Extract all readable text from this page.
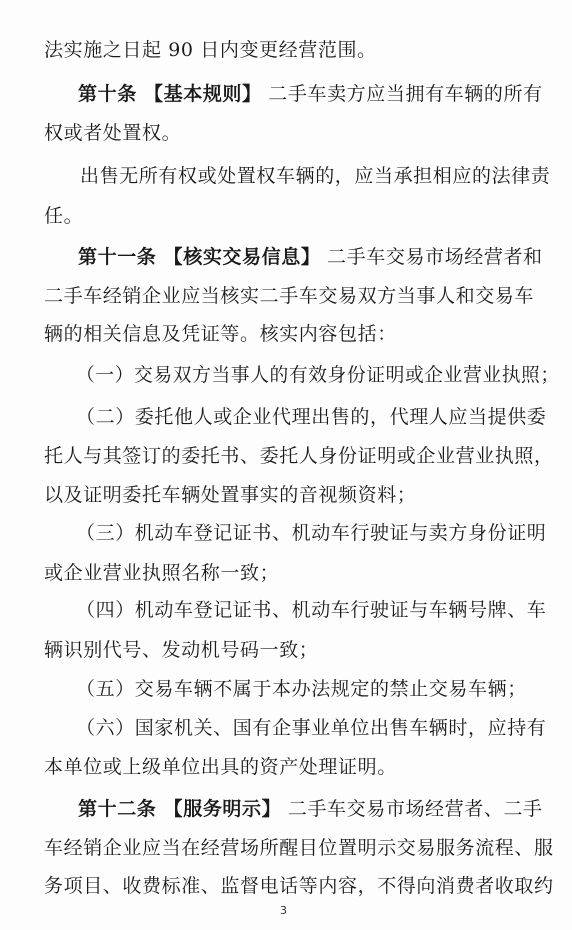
法实施之日起 90 日内变更经营范围。
第十条 【基本规则】 二手车卖方应当拥有车辆的所有
权或者处置权。
出售无所有权或处置权车辆的，应当承担相应的法律责
任。
第十一条 【核实交易信息】 二手车交易市场经营者和
二手车经销企业应当核实二手车交易双方当事人和交易车
辆的相关信息及凭证等。核实内容包括：
（一）交易双方当事人的有效身份证明或企业营业执照；
（二）委托他人或企业代理出售的，代理人应当提供委
托人与其签订的委托书、委托人身份证明或企业营业执照，
以及证明委托车辆处置事实的音视频资料；
（三）机动车登记证书、机动车行驶证与卖方身份证明
或企业营业执照名称一致；
（四）机动车登记证书、机动车行驶证与车辆号牌、车
辆识别代号、发动机号码一致；
（五）交易车辆不属于本办法规定的禁止交易车辆；
（六）国家机关、国有企事业单位出售车辆时，应持有
本单位或上级单位出具的资产处理证明。
第十二条 【服务明示】 二手车交易市场经营者、二手
车经销企业应当在经营场所醒目位置明示交易服务流程、服
务项目、收费标准、监督电话等内容，不得向消费者收取约
3
